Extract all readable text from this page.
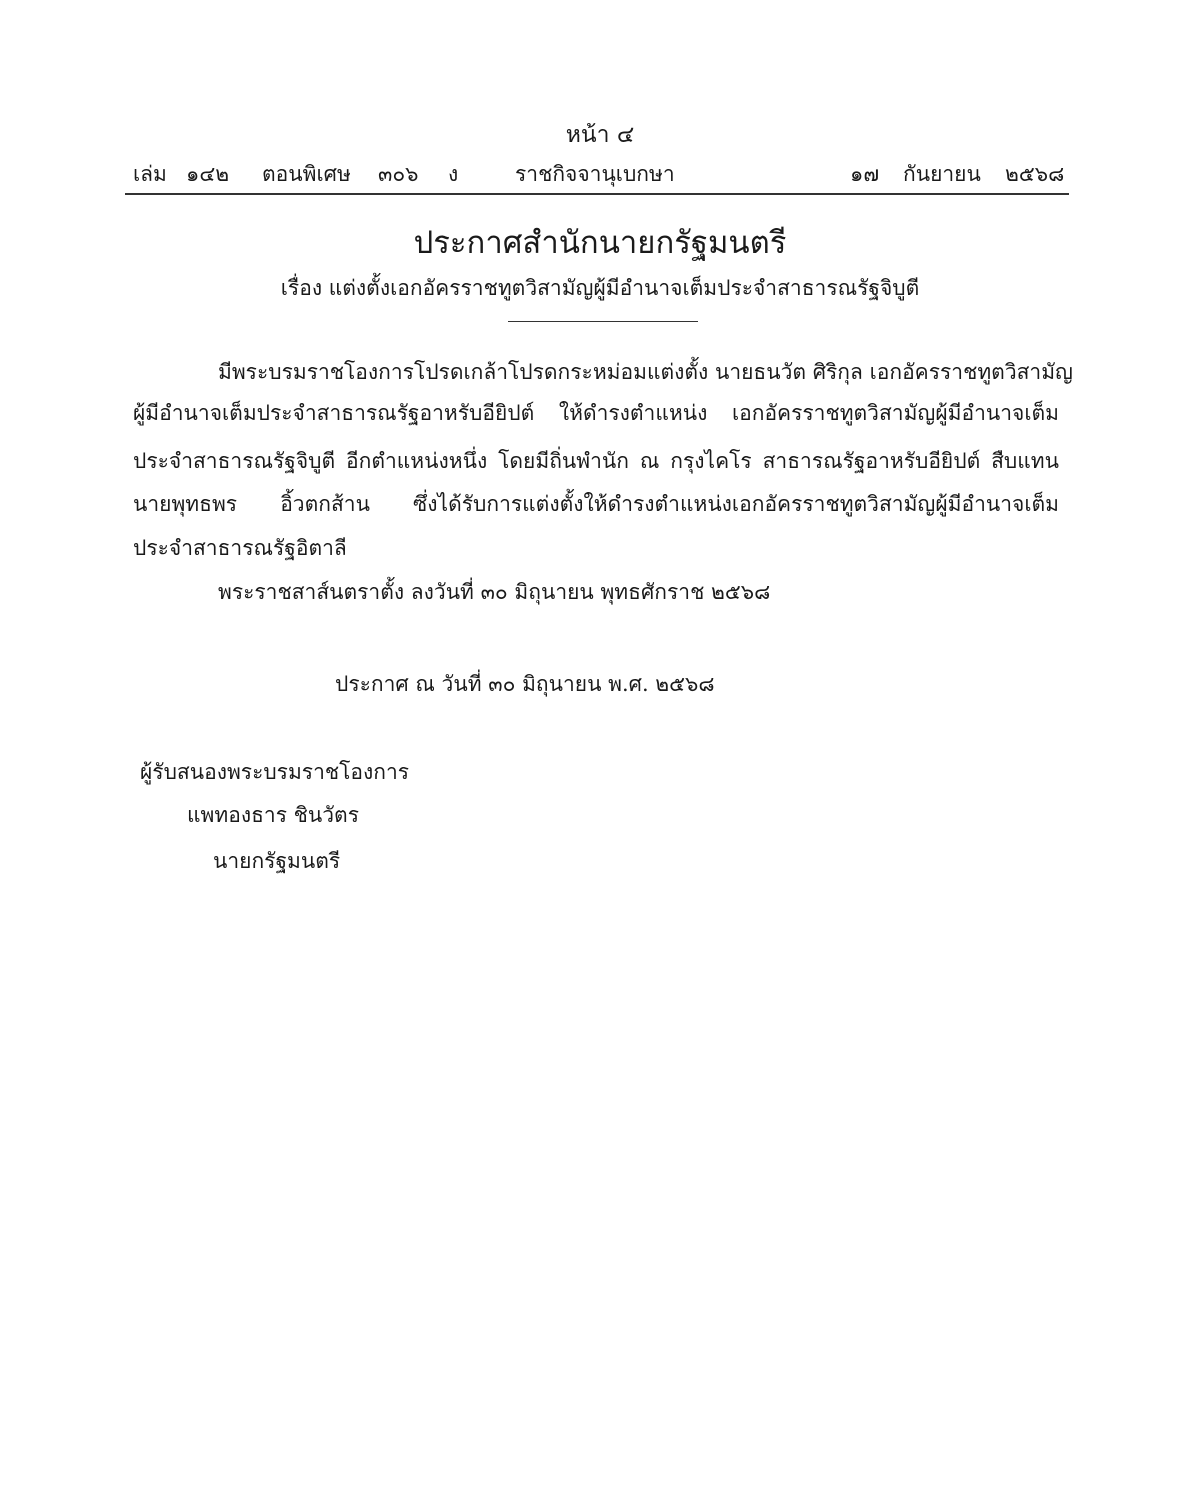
หน้า ๔
เล่ม ๑๔๒ ตอนพิเศษ ๓๐๖ ง	ราชกิจจานุเบกษา	๑๗ กันยายน ๒๕๖๘
ประกาศสำนักนายกรัฐมนตรี
เรื่อง แต่งตั้งเอกอัครราชทูตวิสามัญผู้มีอำนาจเต็มประจำสาธารณรัฐจิบูตี
มีพระบรมราชโองการโปรดเกล้าโปรดกระหม่อมแต่งตั้ง นายธนวัต ศิริกุล เอกอัครราชทูตวิสามัญ
ผู้มีอำนาจเต็มประจำสาธารณรัฐอาหรับอียิปต์ ให้ดำรงตำแหน่ง เอกอัครราชทูตวิสามัญผู้มีอำนาจเต็ม
ประจำสาธารณรัฐจิบูตี อีกตำแหน่งหนึ่ง โดยมีถิ่นพำนัก ณ กรุงไคโร สาธารณรัฐอาหรับอียิปต์ สืบแทน
นายพุทธพร อิ้วตกส้าน ซึ่งได้รับการแต่งตั้งให้ดำรงตำแหน่งเอกอัครราชทูตวิสามัญผู้มีอำนาจเต็ม
ประจำสาธารณรัฐอิตาลี
พระราชสาส์นตราตั้ง ลงวันที่ ๓๐ มิถุนายน พุทธศักราช ๒๕๖๘
ประกาศ ณ วันที่ ๓๐ มิถุนายน พ.ศ. ๒๕๖๘
ผู้รับสนองพระบรมราชโองการ
แพทองธาร ชินวัตร
นายกรัฐมนตรี
